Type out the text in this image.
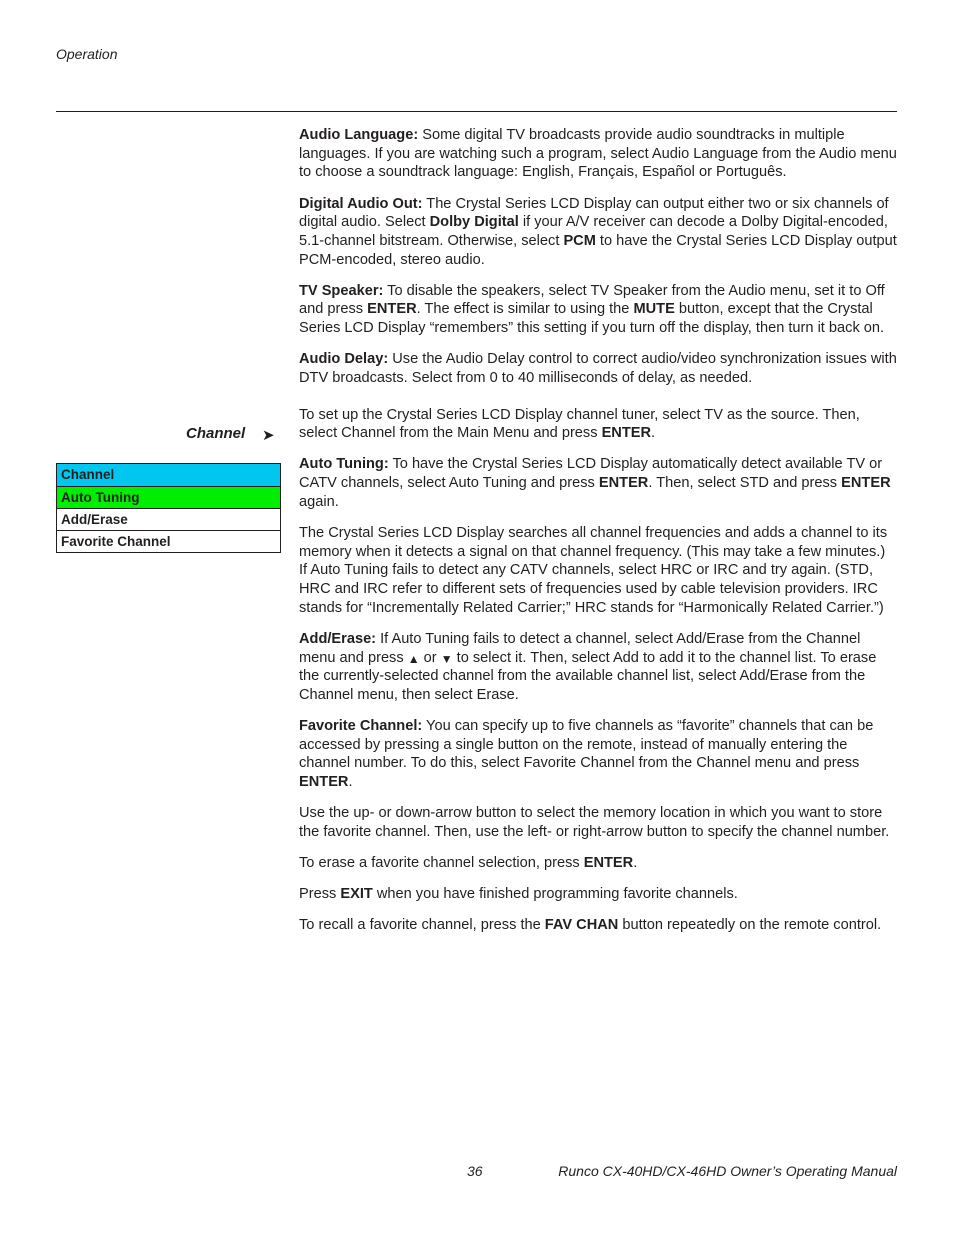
Operation
Channel ➤
Channel
Auto Tuning
Add/Erase
Favorite Channel

Audio Language: Some digital TV broadcasts provide audio soundtracks in multiple languages. If you are watching such a program, select Audio Language from the Audio menu to choose a soundtrack language: English, Français, Español or Português.

Digital Audio Out: The Crystal Series LCD Display can output either two or six channels of digital audio. Select Dolby Digital if your A/V receiver can decode a Dolby Digital-encoded, 5.1-channel bitstream. Otherwise, select PCM to have the Crystal Series LCD Display output PCM-encoded, stereo audio.

TV Speaker: To disable the speakers, select TV Speaker from the Audio menu, set it to Off and press ENTER. The effect is similar to using the MUTE button, except that the Crystal Series LCD Display “remembers” this setting if you turn off the display, then turn it back on.

Audio Delay: Use the Audio Delay control to correct audio/video synchronization issues with DTV broadcasts. Select from 0 to 40 milliseconds of delay, as needed.

To set up the Crystal Series LCD Display channel tuner, select TV as the source. Then, select Channel from the Main Menu and press ENTER.

Auto Tuning: To have the Crystal Series LCD Display automatically detect available TV or CATV channels, select Auto Tuning and press ENTER. Then, select STD and press ENTER again.

The Crystal Series LCD Display searches all channel frequencies and adds a channel to its memory when it detects a signal on that channel frequency. (This may take a few minutes.) If Auto Tuning fails to detect any CATV channels, select HRC or IRC and try again. (STD, HRC and IRC refer to different sets of frequencies used by cable television providers. IRC stands for “Incrementally Related Carrier;” HRC stands for “Harmonically Related Carrier.”)

Add/Erase: If Auto Tuning fails to detect a channel, select Add/Erase from the Channel menu and press ▲ or ▼ to select it. Then, select Add to add it to the channel list. To erase the currently-selected channel from the available channel list, select Add/Erase from the Channel menu, then select Erase.

Favorite Channel: You can specify up to five channels as “favorite” channels that can be accessed by pressing a single button on the remote, instead of manually entering the channel number. To do this, select Favorite Channel from the Channel menu and press ENTER.

Use the up- or down-arrow button to select the memory location in which you want to store the favorite channel. Then, use the left- or right-arrow button to specify the channel number.

To erase a favorite channel selection, press ENTER.

Press EXIT when you have finished programming favorite channels.

To recall a favorite channel, press the FAV CHAN button repeatedly on the remote control.

36	Runco CX-40HD/CX-46HD Owner’s Operating Manual
